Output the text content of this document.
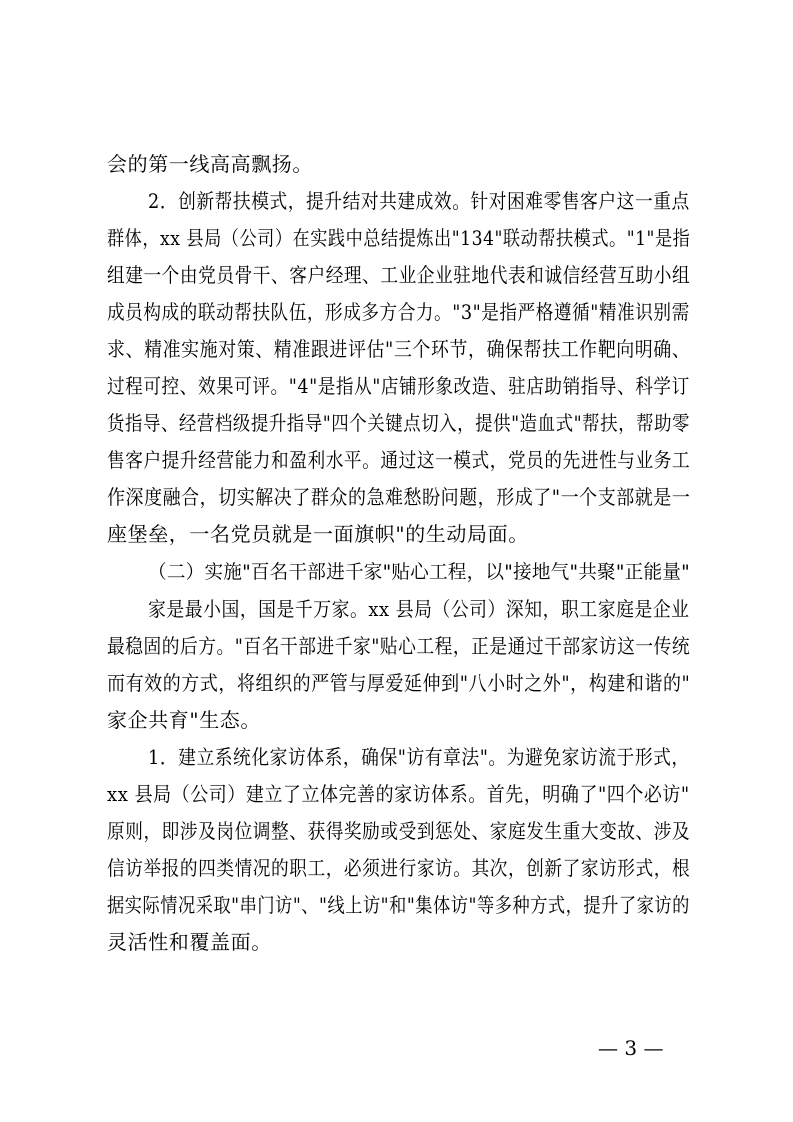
会的第一线高高飘扬。
2．创新帮扶模式，提升结对共建成效。针对困难零售客户这一重点
群体，xx 县局（公司）在实践中总结提炼出"134"联动帮扶模式。"1"是指
组建一个由党员骨干、客户经理、工业企业驻地代表和诚信经营互助小组
成员构成的联动帮扶队伍，形成多方合力。"3"是指严格遵循"精准识别需
求、精准实施对策、精准跟进评估"三个环节，确保帮扶工作靶向明确、
过程可控、效果可评。"4"是指从"店铺形象改造、驻店助销指导、科学订
货指导、经营档级提升指导"四个关键点切入，提供"造血式"帮扶，帮助零
售客户提升经营能力和盈利水平。通过这一模式，党员的先进性与业务工
作深度融合，切实解决了群众的急难愁盼问题，形成了"一个支部就是一
座堡垒，一名党员就是一面旗帜"的生动局面。
（二）实施"百名干部进千家"贴心工程，以"接地气"共聚"正能量"
家是最小国，国是千万家。xx 县局（公司）深知，职工家庭是企业
最稳固的后方。"百名干部进千家"贴心工程，正是通过干部家访这一传统
而有效的方式，将组织的严管与厚爱延伸到"八小时之外"，构建和谐的"
家企共育"生态。
1．建立系统化家访体系，确保"访有章法"。为避免家访流于形式，
xx 县局（公司）建立了立体完善的家访体系。首先，明确了"四个必访"
原则，即涉及岗位调整、获得奖励或受到惩处、家庭发生重大变故、涉及
信访举报的四类情况的职工，必须进行家访。其次，创新了家访形式，根
据实际情况采取"串门访"、"线上访"和"集体访"等多种方式，提升了家访的
灵活性和覆盖面。
— 3 —
